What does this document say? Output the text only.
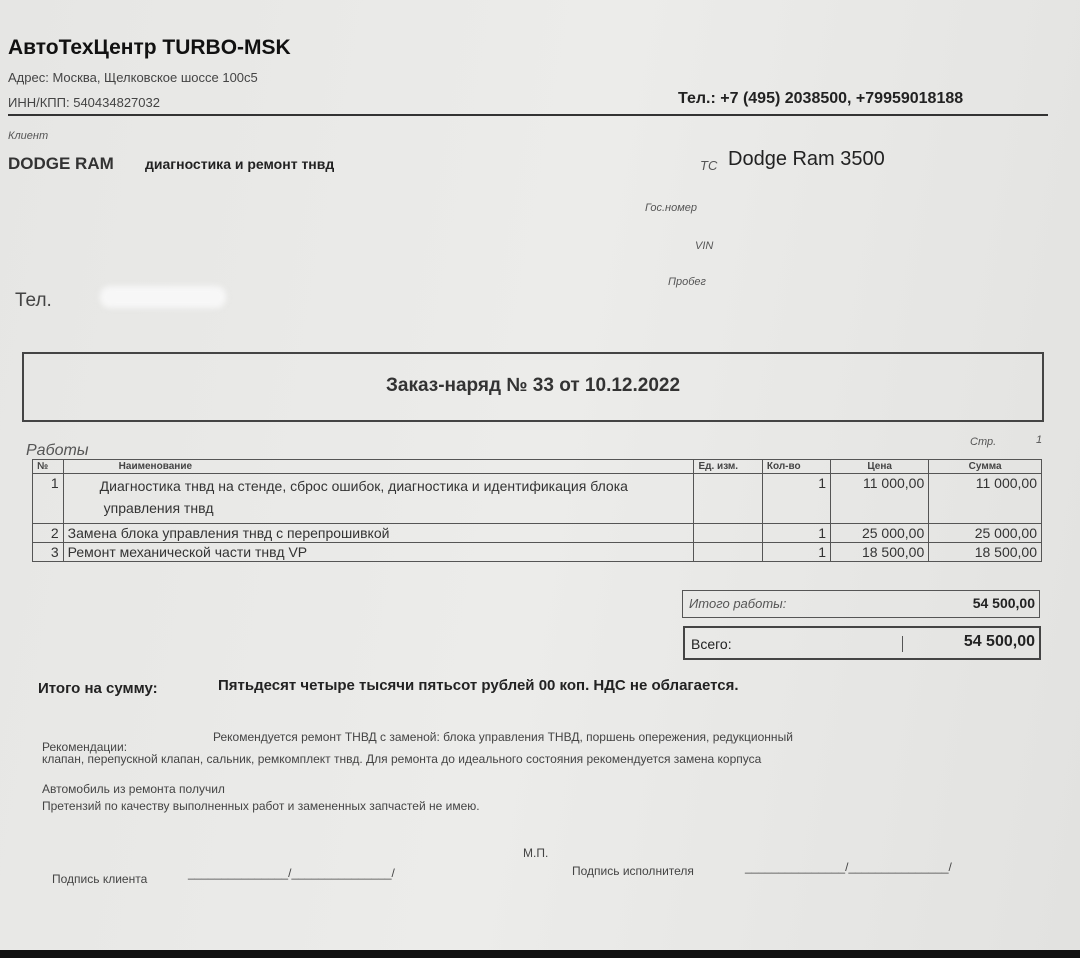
АвтоТехЦентр TURBO-MSK
Адрес: Москва, Щелковское шоссе 100с5
ИНН/КПП: 540434827032	Тел.: +7 (495) 2038500, +79959018188
Клиент
DODGE RAM диагностика и ремонт тнвд	ТС Dodge Ram 3500
Гос.номер
VIN
Пробег
Тел.
Заказ-наряд № 33 от 10.12.2022
Работы	Стр.	1
№	Наименование	Ед. изм.	Кол-во	Цена	Сумма
1	Диагностика тнвд на стенде, сброс ошибок, диагностика и идентификация блока управления тнвд		1	11 000,00	11 000,00
2	Замена блока управления тнвд с перепрошивкой		1	25 000,00	25 000,00
3	Ремонт механической части тнвд VP		1	18 500,00	18 500,00
Итого работы:	54 500,00
Всего:	54 500,00
Итого на сумму:	Пятьдесят четыре тысячи пятьсот рублей 00 коп. НДС не облагается.
Рекомендации:
Рекомендуется ремонт ТНВД с заменой: блока управления ТНВД, поршень опережения, редукционный
клапан, перепускной клапан, сальник, ремкомплект тнвд. Для ремонта до идеального состояния рекомендуется замена корпуса
Автомобиль из ремонта получил
Претензий по качеству выполненных работ и замененных запчастей не имею.
М.П.
Подпись клиента	_______________/_______________/	Подпись исполнителя	_______________/_______________/
